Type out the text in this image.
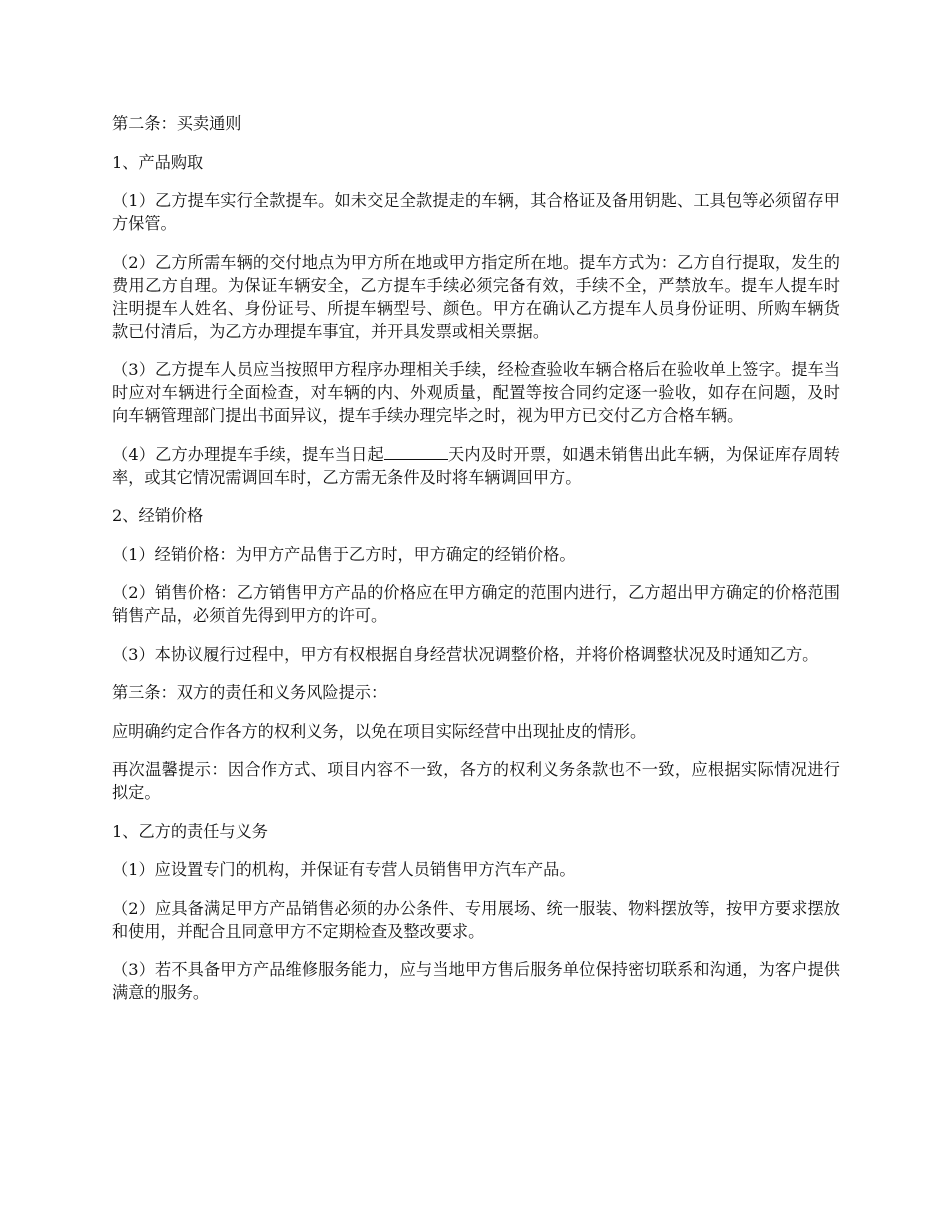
第二条：买卖通则

1、产品购取

（1）乙方提车实行全款提车。如未交足全款提走的车辆，其合格证及备用钥匙、工具包等必须留存甲方保管。

（2）乙方所需车辆的交付地点为甲方所在地或甲方指定所在地。提车方式为：乙方自行提取，发生的费用乙方自理。为保证车辆安全，乙方提车手续必须完备有效，手续不全，严禁放车。提车人提车时注明提车人姓名、身份证号、所提车辆型号、颜色。甲方在确认乙方提车人员身份证明、所购车辆货款已付清后，为乙方办理提车事宜，并开具发票或相关票据。

（3）乙方提车人员应当按照甲方程序办理相关手续，经检查验收车辆合格后在验收单上签字。提车当时应对车辆进行全面检查，对车辆的内、外观质量，配置等按合同约定逐一验收，如存在问题，及时向车辆管理部门提出书面异议，提车手续办理完毕之时，视为甲方已交付乙方合格车辆。

（4）乙方办理提车手续，提车当日起	天内及时开票，如遇未销售出此车辆，为保证库存周转率，或其它情况需调回车时，乙方需无条件及时将车辆调回甲方。

2、经销价格

（1）经销价格：为甲方产品售于乙方时，甲方确定的经销价格。

（2）销售价格：乙方销售甲方产品的价格应在甲方确定的范围内进行，乙方超出甲方确定的价格范围销售产品，必须首先得到甲方的许可。

（3）本协议履行过程中，甲方有权根据自身经营状况调整价格，并将价格调整状况及时通知乙方。

第三条：双方的责任和义务风险提示：

应明确约定合作各方的权利义务，以免在项目实际经营中出现扯皮的情形。

再次温馨提示：因合作方式、项目内容不一致，各方的权利义务条款也不一致，应根据实际情况进行拟定。

1、乙方的责任与义务

（1）应设置专门的机构，并保证有专营人员销售甲方汽车产品。

（2）应具备满足甲方产品销售必须的办公条件、专用展场、统一服装、物料摆放等，按甲方要求摆放和使用，并配合且同意甲方不定期检查及整改要求。

（3）若不具备甲方产品维修服务能力，应与当地甲方售后服务单位保持密切联系和沟通，为客户提供满意的服务。
